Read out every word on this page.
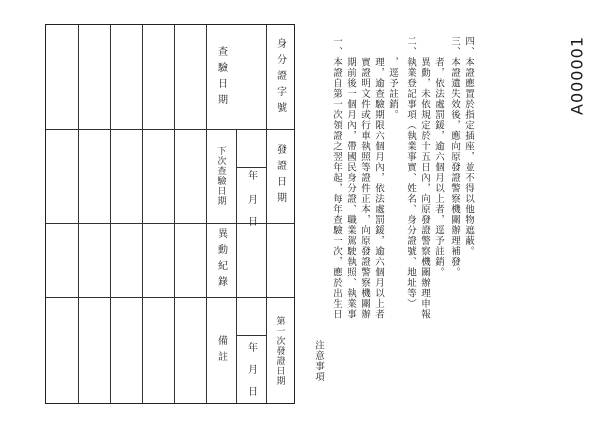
A000001
注意事項
一、本證自第一次領證之翌年起，每年查驗一次，應於出生日 　　期前後一個月內，帶國民身分證、職業駕駛執照、執業事 　　實證明文件或行車執照等證件正本，向原發證警察機關辦 　　理，逾查驗期限六個月內，依法處罰鍰，逾六個月以上者 　　，逕予註銷。 二、執業登記事項（執業事實、姓名、身分證號、地址等） 　　異動，未依規定於十五日內，向原發證警察機關辦理申報 　　者，依法處罰鍰，逾六個月以上者，逕予註銷。 三、本證遺失效後，應向原發證警察機關辦理補發。 四、本證應置於指定插座，並不得以他物遮蔽。
身分證字號
發證日期
第一次發證日期
年
月
日
年
月
日
查驗日期
下次查驗日期
異動紀錄
備註
